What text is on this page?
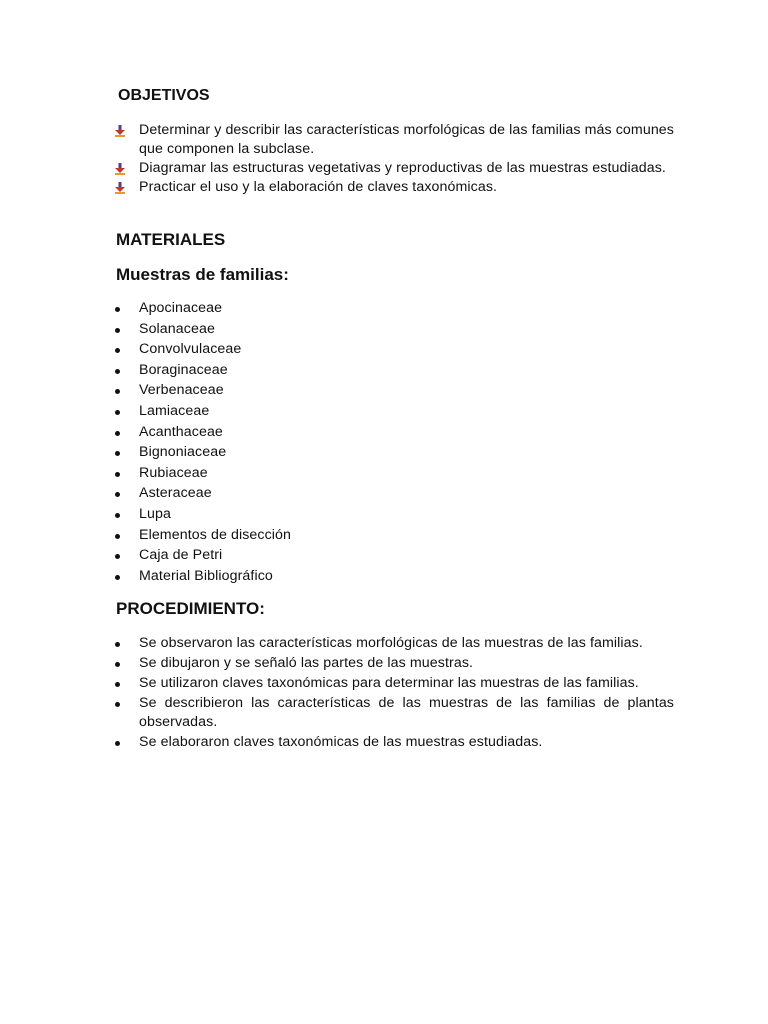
OBJETIVOS
Determinar y describir las características morfológicas de las familias más comunes que componen la subclase.
Diagramar las estructuras vegetativas y reproductivas de las muestras estudiadas.
Practicar el uso y la elaboración de claves taxonómicas.
MATERIALES
Muestras de familias:
Apocinaceae
Solanaceae
Convolvulaceae
Boraginaceae
Verbenaceae
Lamiaceae
Acanthaceae
Bignoniaceae
Rubiaceae
Asteraceae
Lupa
Elementos de disección
Caja de Petri
Material Bibliográfico
PROCEDIMIENTO:
Se observaron las características morfológicas de las muestras de las familias.
Se dibujaron y se señaló las partes de las muestras.
Se utilizaron claves taxonómicas para determinar las muestras de las familias.
Se describieron las características de las muestras de las familias de plantas observadas.
Se elaboraron claves taxonómicas de las muestras estudiadas.
